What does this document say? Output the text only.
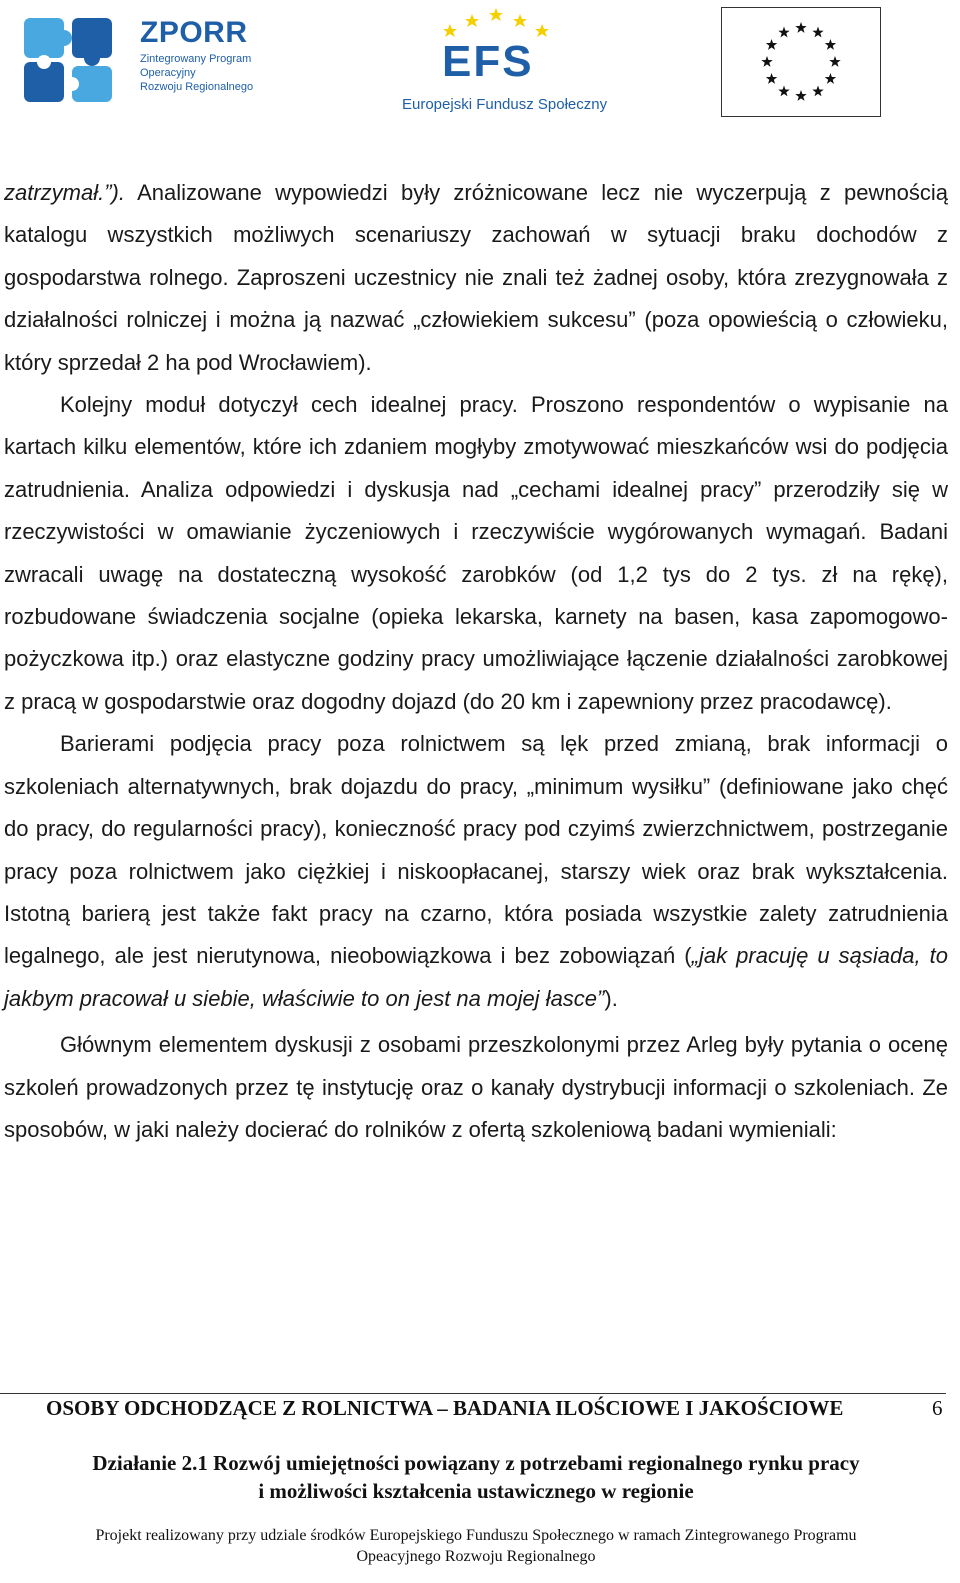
ZPORR
Zintegrowany Program
Operacyjny
Rozwoju Regionalnego
EFS
Europejski Fundusz Społeczny

zatrzymał.”). Analizowane wypowiedzi były zróżnicowane lecz nie wyczerpują z pewnością katalogu wszystkich możliwych scenariuszy zachowań w sytuacji braku dochodów z gospodarstwa rolnego. Zaproszeni uczestnicy nie znali też żadnej osoby, która zrezygnowała z działalności rolniczej i można ją nazwać „człowiekiem sukcesu” (poza opowieścią o człowieku, który sprzedał 2 ha pod Wrocławiem).

Kolejny moduł dotyczył cech idealnej pracy. Proszono respondentów o wypisanie na kartach kilku elementów, które ich zdaniem mogłyby zmotywować mieszkańców wsi do podjęcia zatrudnienia. Analiza odpowiedzi i dyskusja nad „cechami idealnej pracy” przerodziły się w rzeczywistości w omawianie życzeniowych i rzeczywiście wygórowanych wymagań. Badani zwracali uwagę na dostateczną wysokość zarobków (od 1,2 tys do 2 tys. zł na rękę), rozbudowane świadczenia socjalne (opieka lekarska, karnety na basen, kasa zapomogowo-pożyczkowa itp.) oraz elastyczne godziny pracy umożliwiające łączenie działalności zarobkowej z pracą w gospodarstwie oraz dogodny dojazd (do 20 km i zapewniony przez pracodawcę).

Barierami podjęcia pracy poza rolnictwem są lęk przed zmianą, brak informacji o szkoleniach alternatywnych, brak dojazdu do pracy, „minimum wysiłku” (definiowane jako chęć do pracy, do regularności pracy), konieczność pracy pod czyimś zwierzchnictwem, postrzeganie pracy poza rolnictwem jako ciężkiej i niskoopłacanej, starszy wiek oraz brak wykształcenia. Istotną barierą jest także fakt pracy na czarno, która posiada wszystkie zalety zatrudnienia legalnego, ale jest nierutynowa, nieobowiązkowa i bez zobowiązań („jak pracuję u sąsiada, to jakbym pracował u siebie, właściwie to on jest na mojej łasce”).

Głównym elementem dyskusji z osobami przeszkolonymi przez Arleg były pytania o ocenę szkoleń prowadzonych przez tę instytucję oraz o kanały dystrybucji informacji o szkoleniach. Ze sposobów, w jaki należy docierać do rolników z ofertą szkoleniową badani wymieniali:

OSOBY ODCHODZĄCE Z ROLNICTWA – BADANIA ILOŚCIOWE I JAKOŚCIOWE	6
Działanie 2.1 Rozwój umiejętności powiązany z potrzebami regionalnego rynku pracy
i możliwości kształcenia ustawicznego w regionie
Projekt realizowany przy udziale środków Europejskiego Funduszu Społecznego w ramach Zintegrowanego Programu
Opeacyjnego Rozwoju Regionalnego
